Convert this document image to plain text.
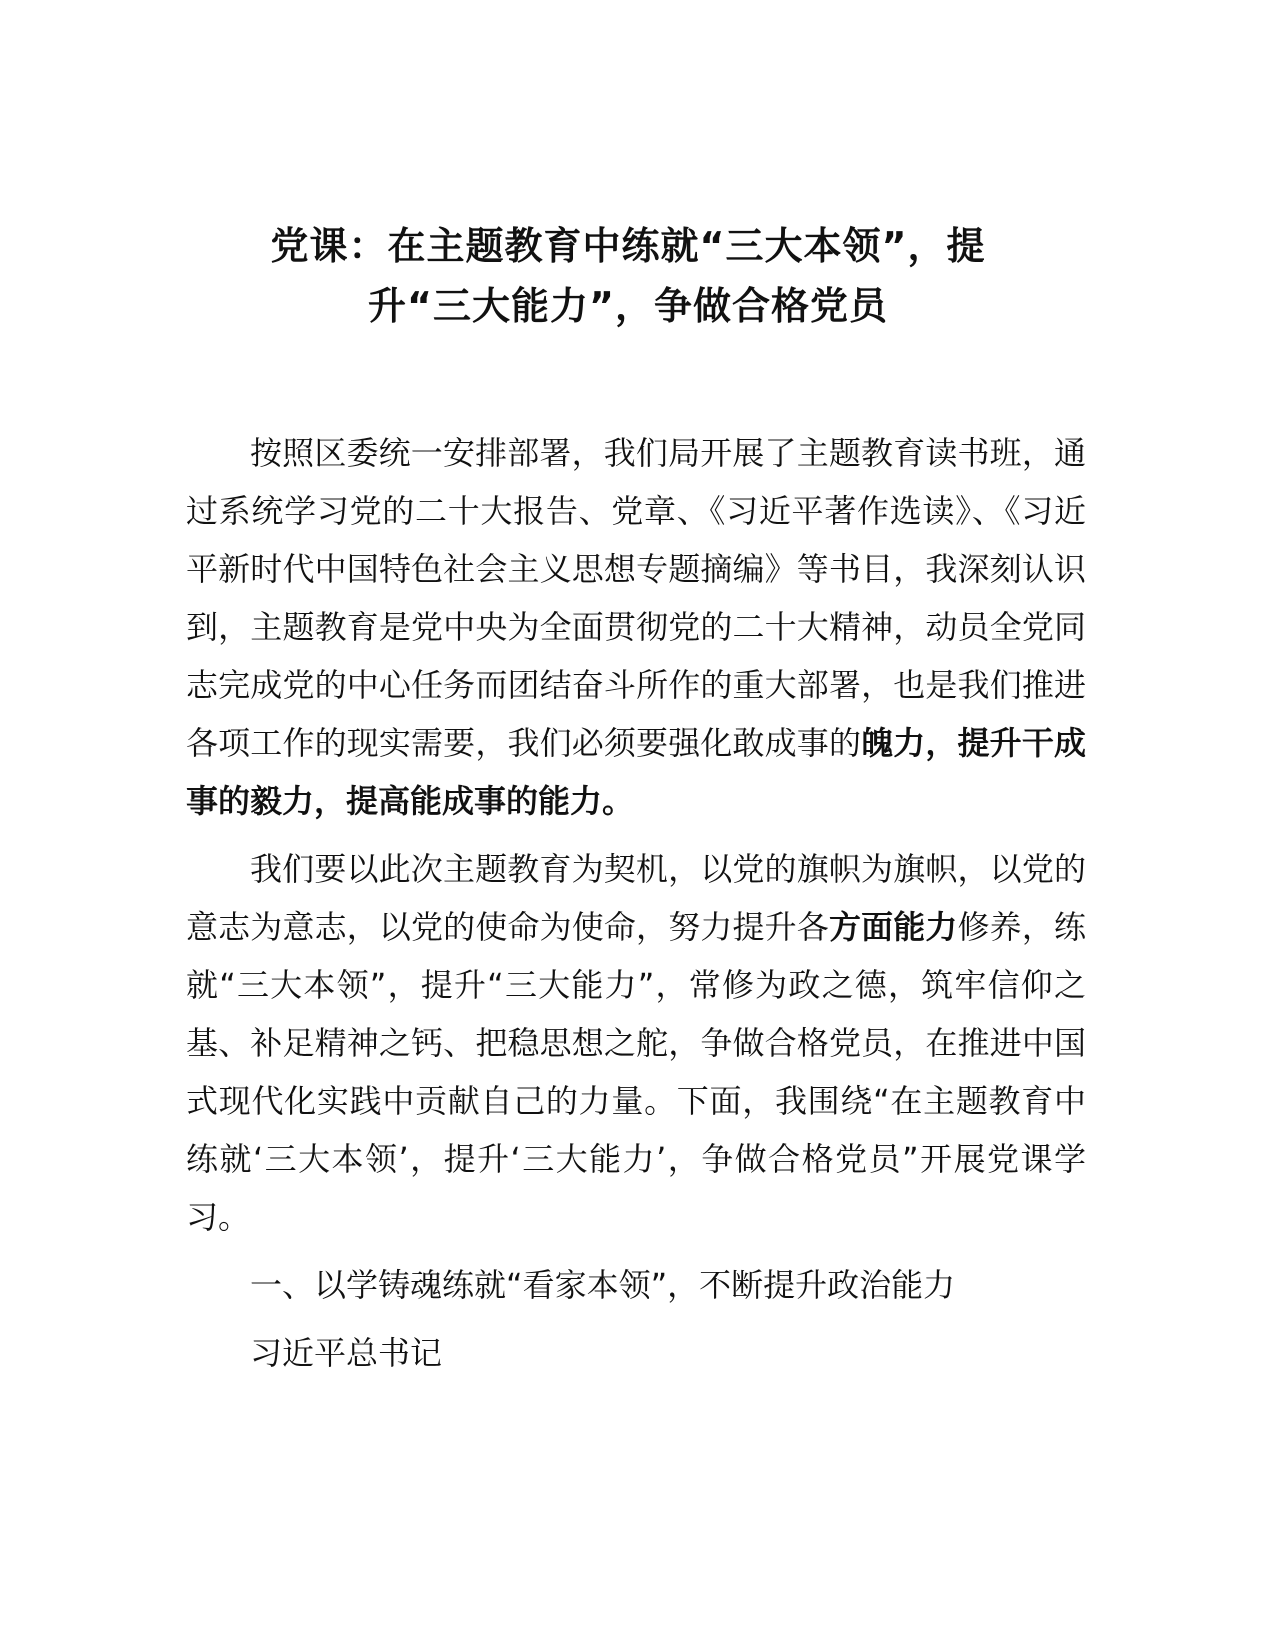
党课：在主题教育中练就“三大本领”，提
升“三大能力”，争做合格党员

按照区委统一安排部署，我们局开展了主题教育读书班，通过系统学习党的二十大报告、党章、《习近平著作选读》、《习近平新时代中国特色社会主义思想专题摘编》等书目，我深刻认识到，主题教育是党中央为全面贯彻党的二十大精神，动员全党同志完成党的中心任务而团结奋斗所作的重大部署，也是我们推进各项工作的现实需要，我们必须要强化敢成事的魄力，提升干成事的毅力，提高能成事的能力。

我们要以此次主题教育为契机，以党的旗帜为旗帜，以党的意志为意志，以党的使命为使命，努力提升各方面能力修养，练就“三大本领”，提升“三大能力”，常修为政之德，筑牢信仰之基、补足精神之钙、把稳思想之舵，争做合格党员，在推进中国式现代化实践中贡献自己的力量。下面，我围绕“在主题教育中练就‘三大本领’，提升‘三大能力’，争做合格党员”开展党课学习。

一、以学铸魂练就“看家本领”，不断提升政治能力

习近平总书记
